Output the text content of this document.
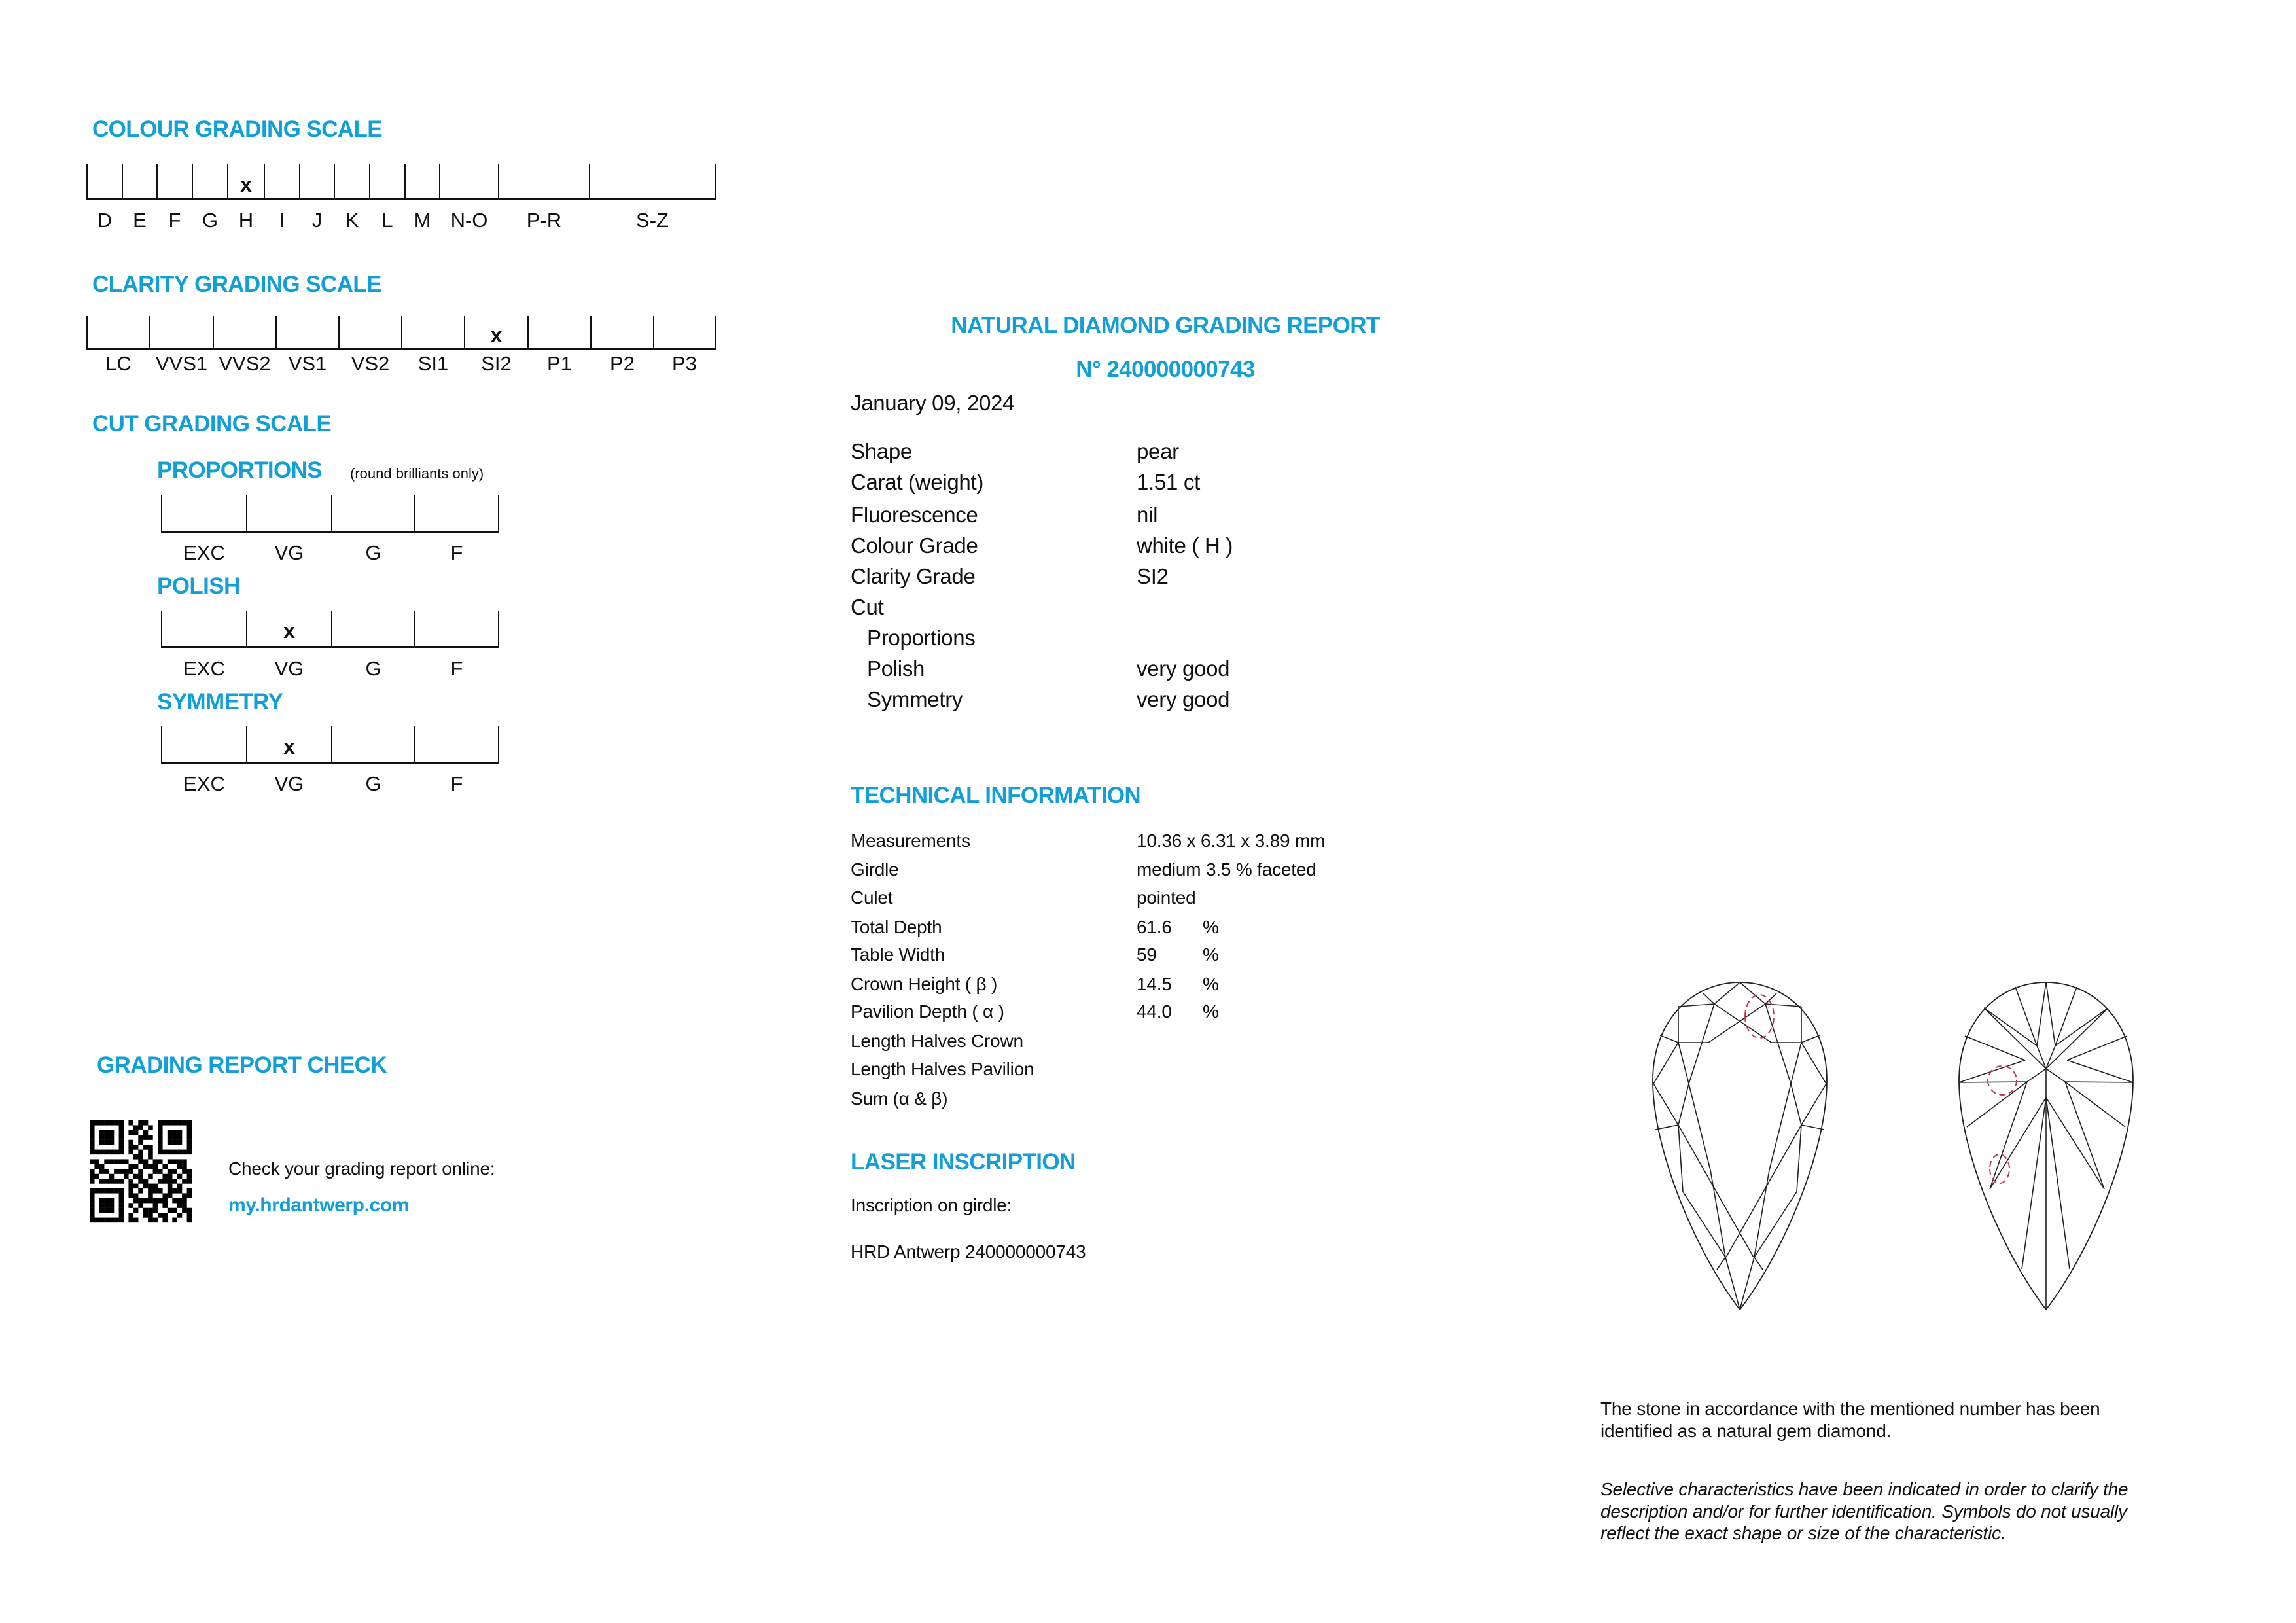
COLOUR GRADING SCALE
D E F G H
x
I J K L M N-O P-R	S-Z
CLARITY GRADING SCALE
LC VVS1 VVS2 VS1 VS2 SI1 SI2
x
P1 P2 P3
CUT GRADING SCALE
PROPORTIONS (round brilliants only)
EXC VG	G	F
POLISH
EXC VG
x
G	F
SYMMETRY
EXC VG
x
G	F
GRADING REPORT CHECK
Check your grading report online:
my.hrdantwerp.com
NATURAL DIAMOND GRADING REPORT
N° 240000000743
January 09, 2024
Shape	pear
Carat (weight)	1.51 ct
Fluorescence	nil
Colour Grade	white ( H )
Clarity Grade	SI2
Cut
Proportions
Polish	very good
Symmetry	very good
TECHNICAL INFORMATION
Measurements	10.36 x 6.31 x 3.89 mm
Girdle	medium 3.5 % faceted
Culet	pointed
Total Depth	61.6 %
Table Width	59	%
Crown Height ( β )	14.5 %
Pavilion Depth ( α )	44.0 %
Length Halves Crown
Length Halves Pavilion
Sum (α & β)
LASER INSCRIPTION
Inscription on girdle:
HRD Antwerp 240000000743
The stone in accordance with the mentioned number has been
identified as a natural gem diamond.
Selective characteristics have been indicated in order to clarify the
description and/or for further identification. Symbols do not usually
reflect the exact shape or size of the characteristic.
